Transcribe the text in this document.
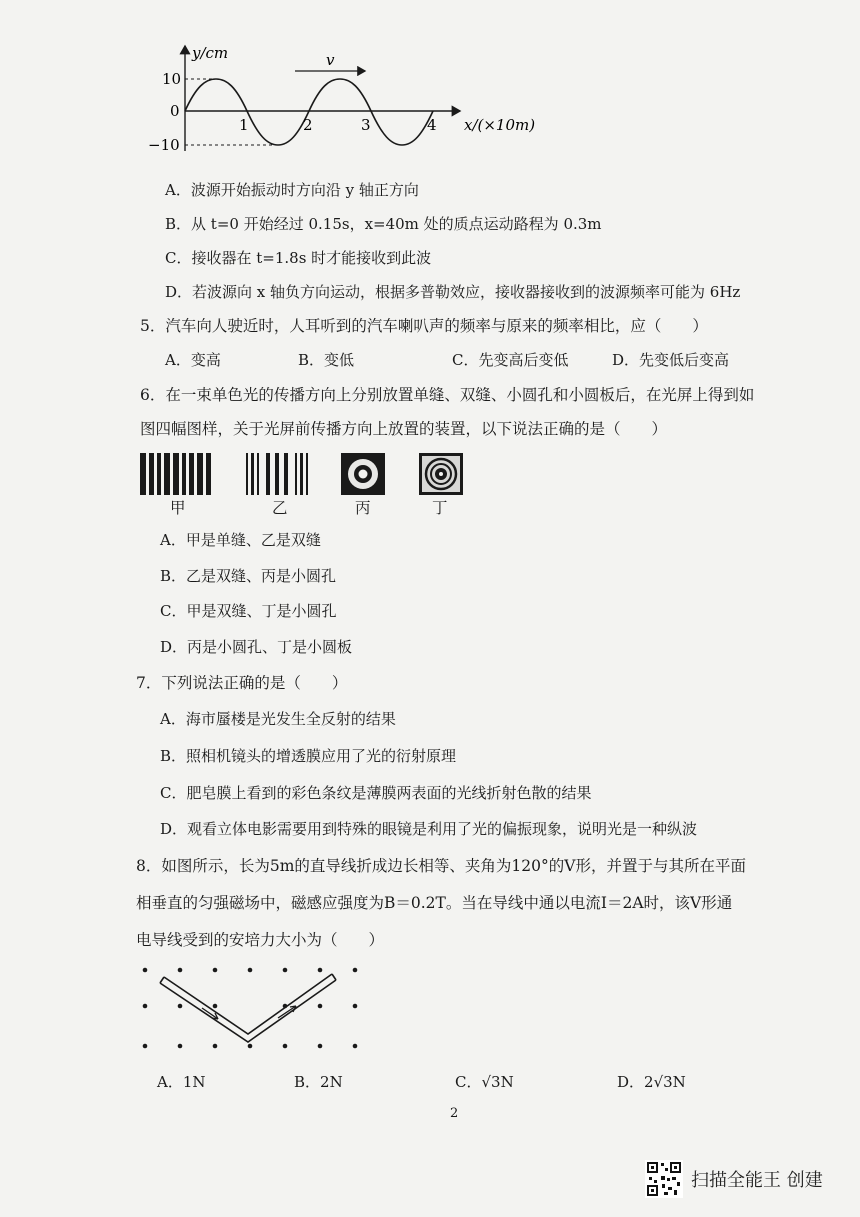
v
y/cm
x/(×10m)
10
0
−10
1	2	3	4
A．波源开始振动时方向沿 y 轴正方向
B．从 t=0 开始经过 0.15s，x=40m 处的质点运动路程为 0.3m
C．接收器在 t=1.8s 时才能接收到此波
D．若波源向 x 轴负方向运动，根据多普勒效应，接收器接收到的波源频率可能为 6Hz
5．汽车向人驶近时，人耳听到的汽车喇叭声的频率与原来的频率相比，应（　　）
A．变高	B．变低	C．先变高后变低	D．先变低后变高
6．在一束单色光的传播方向上分别放置单缝、双缝、小圆孔和小圆板后，在光屏上得到如
图四幅图样，关于光屏前传播方向上放置的装置，以下说法正确的是（　　）
甲	乙	丙	丁
A．甲是单缝、乙是双缝
B．乙是双缝、丙是小圆孔
C．甲是双缝、丁是小圆孔
D．丙是小圆孔、丁是小圆板
7．下列说法正确的是（　　）
A．海市蜃楼是光发生全反射的结果
B．照相机镜头的增透膜应用了光的衍射原理
C．肥皂膜上看到的彩色条纹是薄膜两表面的光线折射色散的结果
D．观看立体电影需要用到特殊的眼镜是利用了光的偏振现象，说明光是一种纵波
8．如图所示，长为5m的直导线折成边长相等、夹角为120°的V形，并置于与其所在平面
相垂直的匀强磁场中，磁感应强度为B＝0.2T。当在导线中通以电流I＝2A时，该V形通
电导线受到的安培力大小为（　　）
A．1N	B．2N	C．√3N	D．2√3N
2
扫描全能王 创建
